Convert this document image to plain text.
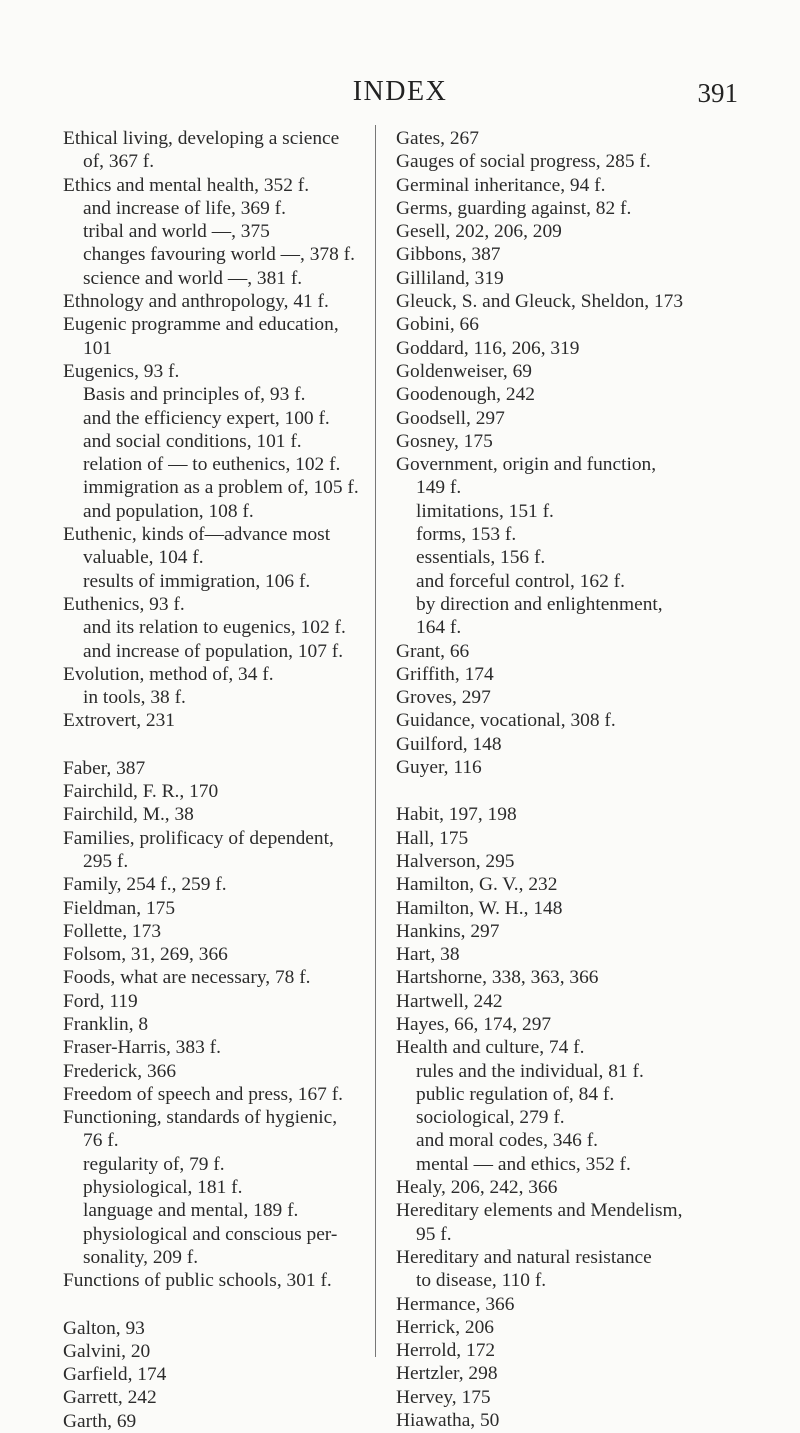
INDEX	391
Ethical living, developing a science
of, 367 f.
Ethics and mental health, 352 f.
and increase of life, 369 f.
tribal and world —, 375
changes favouring world —, 378 f.
science and world —, 381 f.
Ethnology and anthropology, 41 f.
Eugenic programme and education,
101
Eugenics, 93 f.
Basis and principles of, 93 f.
and the efficiency expert, 100 f.
and social conditions, 101 f.
relation of — to euthenics, 102 f.
immigration as a problem of, 105 f.
and population, 108 f.
Euthenic, kinds of—advance most
valuable, 104 f.
results of immigration, 106 f.
Euthenics, 93 f.
and its relation to eugenics, 102 f.
and increase of population, 107 f.
Evolution, method of, 34 f.
in tools, 38 f.
Extrovert, 231
Faber, 387
Fairchild, F. R., 170
Fairchild, M., 38
Families, prolificacy of dependent,
295 f.
Family, 254 f., 259 f.
Fieldman, 175
Follette, 173
Folsom, 31, 269, 366
Foods, what are necessary, 78 f.
Ford, 119
Franklin, 8
Fraser-Harris, 383 f.
Frederick, 366
Freedom of speech and press, 167 f.
Functioning, standards of hygienic,
76 f.
regularity of, 79 f.
physiological, 181 f.
language and mental, 189 f.
physiological and conscious per-
sonality, 209 f.
Functions of public schools, 301 f.
Galton, 93
Galvini, 20
Garfield, 174
Garrett, 242
Garth, 69
Gates, 267
Gauges of social progress, 285 f.
Germinal inheritance, 94 f.
Germs, guarding against, 82 f.
Gesell, 202, 206, 209
Gibbons, 387
Gilliland, 319
Gleuck, S. and Gleuck, Sheldon, 173
Gobini, 66
Goddard, 116, 206, 319
Goldenweiser, 69
Goodenough, 242
Goodsell, 297
Gosney, 175
Government, origin and function,
149 f.
limitations, 151 f.
forms, 153 f.
essentials, 156 f.
and forceful control, 162 f.
by direction and enlightenment,
164 f.
Grant, 66
Griffith, 174
Groves, 297
Guidance, vocational, 308 f.
Guilford, 148
Guyer, 116
Habit, 197, 198
Hall, 175
Halverson, 295
Hamilton, G. V., 232
Hamilton, W. H., 148
Hankins, 297
Hart, 38
Hartshorne, 338, 363, 366
Hartwell, 242
Hayes, 66, 174, 297
Health and culture, 74 f.
rules and the individual, 81 f.
public regulation of, 84 f.
sociological, 279 f.
and moral codes, 346 f.
mental — and ethics, 352 f.
Healy, 206, 242, 366
Hereditary elements and Mendelism,
95 f.
Hereditary and natural resistance
to disease, 110 f.
Hermance, 366
Herrick, 206
Herrold, 172
Hertzler, 298
Hervey, 175
Hiawatha, 50
